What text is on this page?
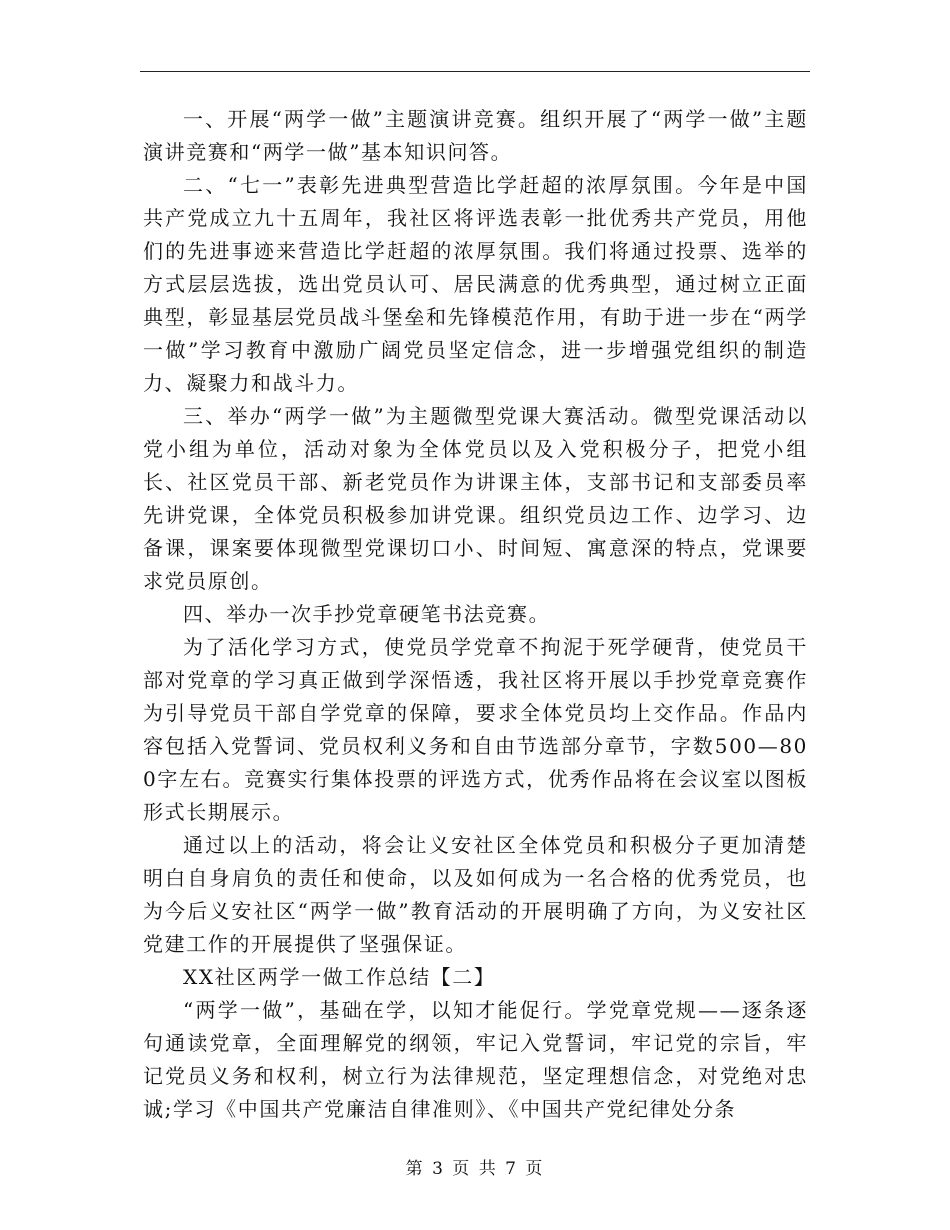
一、开展“两学一做”主题演讲竞赛。组织开展了“两学一做”主题演讲竞赛和“两学一做”基本知识问答。

二、“七一”表彰先进典型营造比学赶超的浓厚氛围。今年是中国共产党成立九十五周年，我社区将评选表彰一批优秀共产党员，用他们的先进事迹来营造比学赶超的浓厚氛围。我们将通过投票、选举的方式层层选拔，选出党员认可、居民满意的优秀典型，通过树立正面典型，彰显基层党员战斗堡垒和先锋模范作用，有助于进一步在“两学一做”学习教育中激励广阔党员坚定信念，进一步增强党组织的制造力、凝聚力和战斗力。

三、举办“两学一做”为主题微型党课大赛活动。微型党课活动以党小组为单位，活动对象为全体党员以及入党积极分子，把党小组长、社区党员干部、新老党员作为讲课主体，支部书记和支部委员率先讲党课，全体党员积极参加讲党课。组织党员边工作、边学习、边备课，课案要体现微型党课切口小、时间短、寓意深的特点，党课要求党员原创。

四、举办一次手抄党章硬笔书法竞赛。

为了活化学习方式，使党员学党章不拘泥于死学硬背，使党员干部对党章的学习真正做到学深悟透，我社区将开展以手抄党章竞赛作为引导党员干部自学党章的保障，要求全体党员均上交作品。作品内容包括入党誓词、党员权利义务和自由节选部分章节，字数500—800字左右。竞赛实行集体投票的评选方式，优秀作品将在会议室以图板形式长期展示。

通过以上的活动，将会让义安社区全体党员和积极分子更加清楚明白自身肩负的责任和使命，以及如何成为一名合格的优秀党员，也为今后义安社区“两学一做”教育活动的开展明确了方向，为义安社区党建工作的开展提供了坚强保证。

XX社区两学一做工作总结【二】

“两学一做”，基础在学，以知才能促行。学党章党规——逐条逐句通读党章，全面理解党的纲领，牢记入党誓词，牢记党的宗旨，牢记党员义务和权利，树立行为法律规范，坚定理想信念，对党绝对忠诚;学习《中国共产党廉洁自律准则》、《中国共产党纪律处分条

第 3 页 共 7 页
